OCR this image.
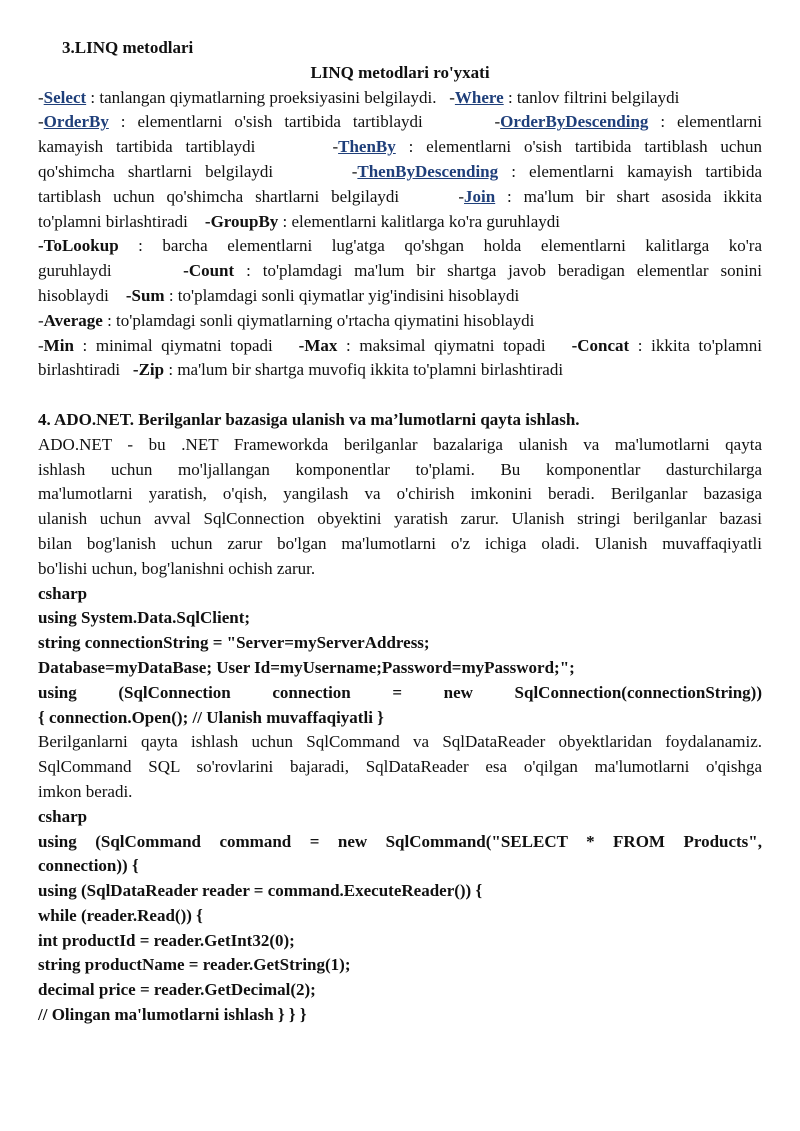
3.LINQ metodlari
LINQ metodlari ro'yxati
-Select : tanlangan qiymatlarning proeksiyasini belgilaydi. -Where : tanlov filtrini belgilaydi
-OrderBy : elementlarni o'sish tartibida tartiblaydi      -OrderByDescending : elementlarni
kamayish tartibida tartiblaydi      -ThenBy : elementlarni o'sish tartibida tartiblash uchun
qo'shimcha shartlarni belgilaydi      -ThenByDescending : elementlarni kamayish tartibida
tartiblash uchun qo'shimcha shartlarni belgilaydi     -Join : ma'lum bir shart asosida ikkita
to'plamni birlashtiradi -GroupBy : elementlarni kalitlarga ko'ra guruhlaydi
-ToLookup : barcha elementlarni lug'atga qo'shgan holda elementlarni kalitlarga ko'ra
guruhlaydi	-Count : to'plamdagi ma'lum bir shartga javob beradigan elementlar sonini
hisoblaydi -Sum : to'plamdagi sonli qiymatlar yig'indisini hisoblaydi
-Average : to'plamdagi sonli qiymatlarning o'rtacha qiymatini hisoblaydi
-Min : minimal qiymatni topadi -Max : maksimal qiymatni topadi -Concat : ikkita to'plamni
birlashtiradi -Zip : ma'lum bir shartga muvofiq ikkita to'plamni birlashtiradi
4. ADO.NET. Berilganlar bazasiga ulanish va ma’lumotlarni qayta ishlash.
ADO.NET - bu .NET Frameworkda berilganlar bazalariga ulanish va ma'lumotlarni qayta
ishlash uchun mo'ljallangan komponentlar to'plami. Bu komponentlar dasturchilarga
ma'lumotlarni yaratish, o'qish, yangilash va o'chirish imkonini beradi. Berilganlar bazasiga
ulanish uchun avval SqlConnection obyektini yaratish zarur. Ulanish stringi berilganlar bazasi
bilan bog'lanish uchun zarur bo'lgan ma'lumotlarni o'z ichiga oladi. Ulanish muvaffaqiyatli
bo'lishi uchun, bog'lanishni ochish zarur.
csharp
using System.Data.SqlClient;
string connectionString = "Server=myServerAddress;
Database=myDataBase; User Id=myUsername;Password=myPassword;";
using (SqlConnection connection = new SqlConnection(connectionString))
{ connection.Open(); // Ulanish muvaffaqiyatli }
Berilganlarni qayta ishlash uchun SqlCommand va SqlDataReader obyektlaridan foydalanamiz.
SqlCommand SQL so'rovlarini bajaradi, SqlDataReader esa o'qilgan ma'lumotlarni o'qishga
imkon beradi.
csharp
using (SqlCommand command = new SqlCommand("SELECT * FROM Products",
connection)) {
using (SqlDataReader reader = command.ExecuteReader()) {
while (reader.Read()) {
int productId = reader.GetInt32(0);
string productName = reader.GetString(1);
decimal price = reader.GetDecimal(2);
// Olingan ma'lumotlarni ishlash } } }
